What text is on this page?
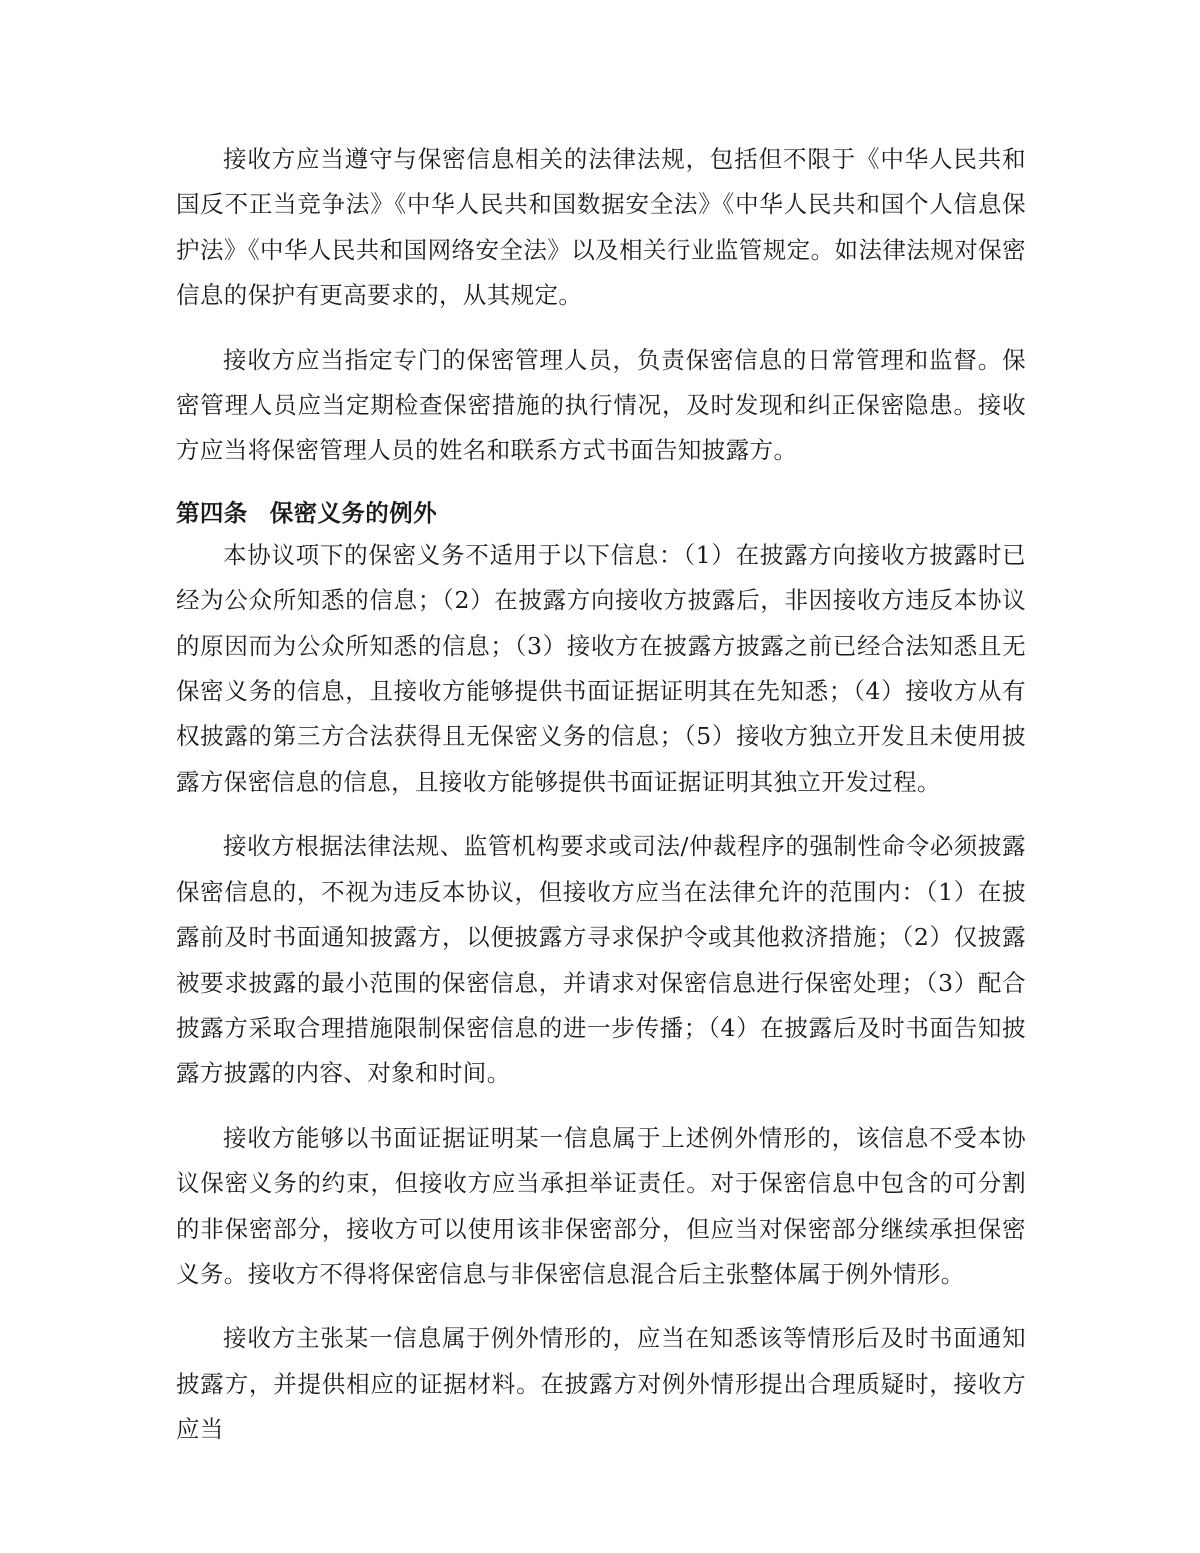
接收方应当遵守与保密信息相关的法律法规，包括但不限于《中华人民共和国反不正当竞争法》《中华人民共和国数据安全法》《中华人民共和国个人信息保护法》《中华人民共和国网络安全法》以及相关行业监管规定。如法律法规对保密信息的保护有更高要求的，从其规定。

接收方应当指定专门的保密管理人员，负责保密信息的日常管理和监督。保密管理人员应当定期检查保密措施的执行情况，及时发现和纠正保密隐患。接收方应当将保密管理人员的姓名和联系方式书面告知披露方。

第四条 保密义务的例外

本协议项下的保密义务不适用于以下信息：（1）在披露方向接收方披露时已经为公众所知悉的信息；（2）在披露方向接收方披露后，非因接收方违反本协议的原因而为公众所知悉的信息；（3）接收方在披露方披露之前已经合法知悉且无保密义务的信息，且接收方能够提供书面证据证明其在先知悉；（4）接收方从有权披露的第三方合法获得且无保密义务的信息；（5）接收方独立开发且未使用披露方保密信息的信息，且接收方能够提供书面证据证明其独立开发过程。

接收方根据法律法规、监管机构要求或司法/仲裁程序的强制性命令必须披露保密信息的，不视为违反本协议，但接收方应当在法律允许的范围内：（1）在披露前及时书面通知披露方，以便披露方寻求保护令或其他救济措施；（2）仅披露被要求披露的最小范围的保密信息，并请求对保密信息进行保密处理；（3）配合披露方采取合理措施限制保密信息的进一步传播；（4）在披露后及时书面告知披露方披露的内容、对象和时间。

接收方能够以书面证据证明某一信息属于上述例外情形的，该信息不受本协议保密义务的约束，但接收方应当承担举证责任。对于保密信息中包含的可分割的非保密部分，接收方可以使用该非保密部分，但应当对保密部分继续承担保密义务。接收方不得将保密信息与非保密信息混合后主张整体属于例外情形。

接收方主张某一信息属于例外情形的，应当在知悉该等情形后及时书面通知披露方，并提供相应的证据材料。在披露方对例外情形提出合理质疑时，接收方应当
